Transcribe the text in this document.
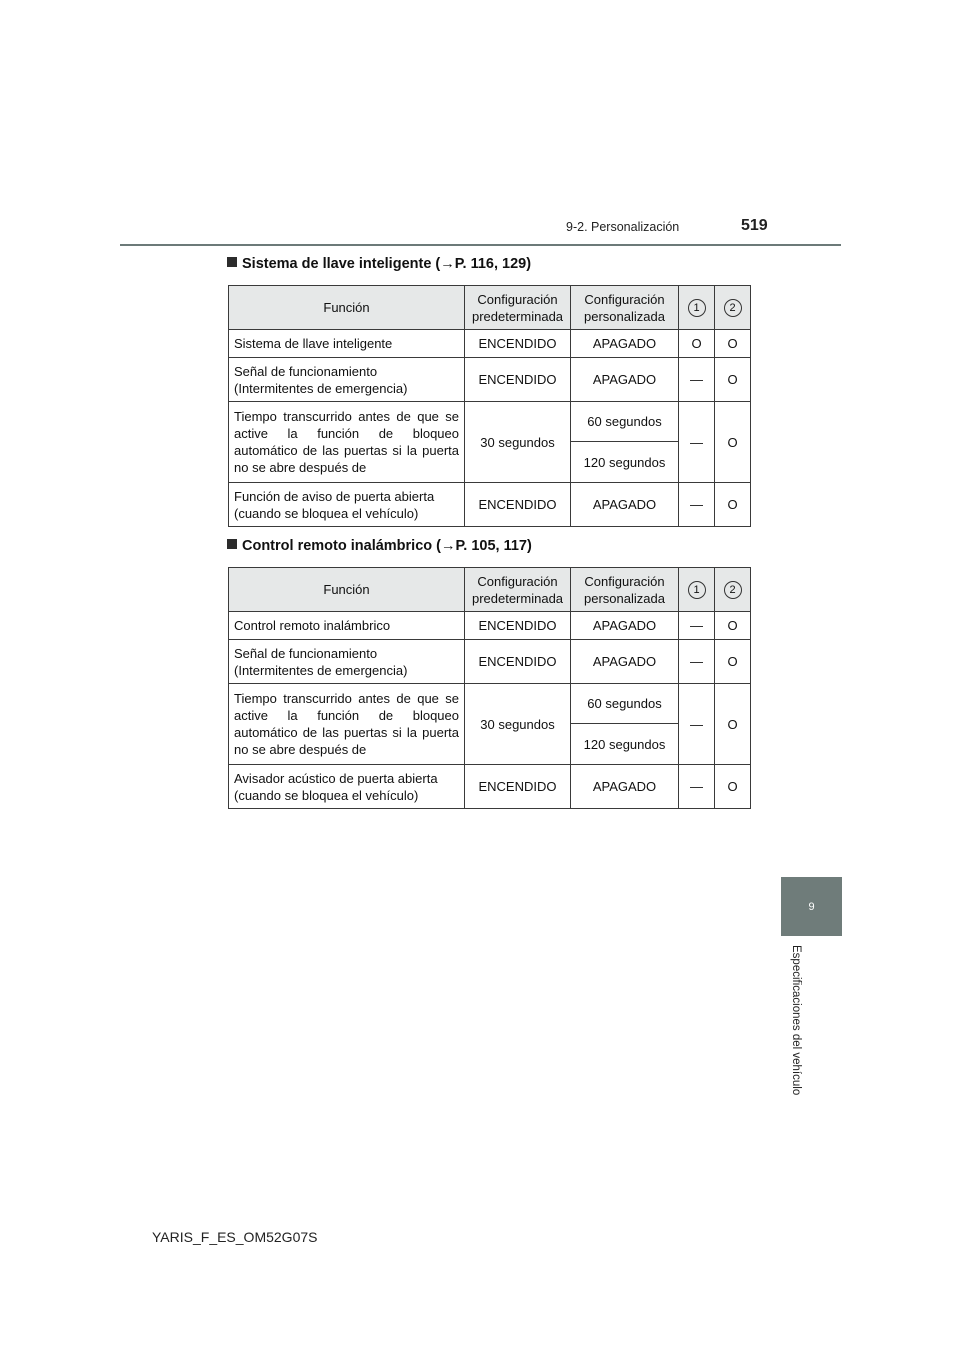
9-2. Personalización	519
9
Especificaciones del vehículo
Sistema de llave inteligente (→P. 116, 129)
Función	Configuración predeterminada	Configuración personalizada	1	2
Sistema de llave inteligente	ENCENDIDO	APAGADO	O	O
Señal de funcionamiento
(Intermitentes de emergencia)	ENCENDIDO	APAGADO	—	O
Tiempo transcurrido antes de que se active la función de bloqueo automático de las puertas si la puerta no se abre después de	30 segundos	60 segundos	—	O
		120 segundos		
Función de aviso de puerta abierta
(cuando se bloquea el vehículo)	ENCENDIDO	APAGADO	—	O
Control remoto inalámbrico (→P. 105, 117)
Función	Configuración predeterminada	Configuración personalizada	1	2
Control remoto inalámbrico	ENCENDIDO	APAGADO	—	O
Señal de funcionamiento
(Intermitentes de emergencia)	ENCENDIDO	APAGADO	—	O
Tiempo transcurrido antes de que se active la función de bloqueo automático de las puertas si la puerta no se abre después de	30 segundos	60 segundos	—	O
		120 segundos		
Avisador acústico de puerta abierta
(cuando se bloquea el vehículo)	ENCENDIDO	APAGADO	—	O
YARIS_F_ES_OM52G07S
